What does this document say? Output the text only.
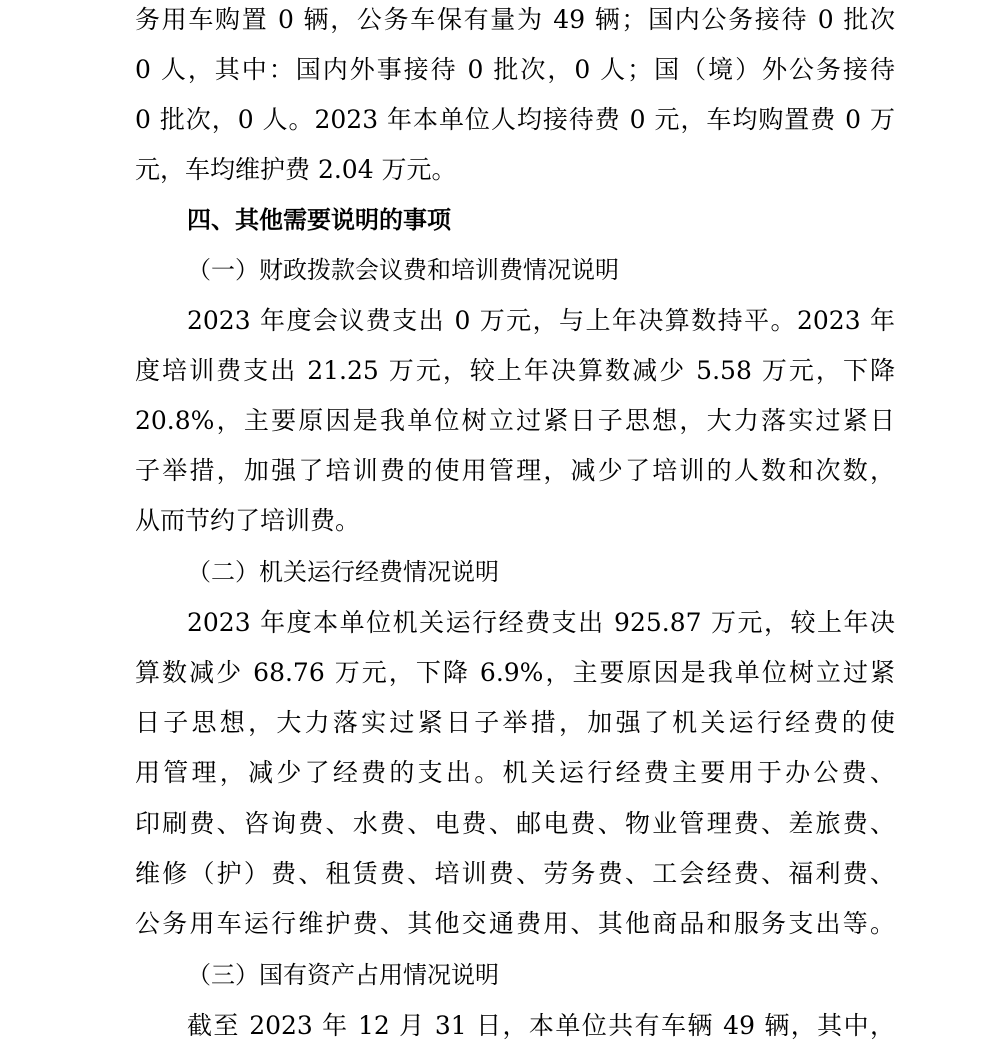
务用车购置 0 辆，公务车保有量为 49 辆；国内公务接待 0 批次
0 人，其中：国内外事接待 0 批次，0 人；国（境）外公务接待
0 批次，0 人。2023 年本单位人均接待费 0 元，车均购置费 0 万
元，车均维护费 2.04 万元。
四、其他需要说明的事项
（一）财政拨款会议费和培训费情况说明
2023 年度会议费支出 0 万元，与上年决算数持平。2023 年
度培训费支出 21.25 万元，较上年决算数减少 5.58 万元，下降
20.8%，主要原因是我单位树立过紧日子思想，大力落实过紧日
子举措，加强了培训费的使用管理，减少了培训的人数和次数，
从而节约了培训费。
（二）机关运行经费情况说明
2023 年度本单位机关运行经费支出 925.87 万元，较上年决
算数减少 68.76 万元，下降 6.9%，主要原因是我单位树立过紧
日子思想，大力落实过紧日子举措，加强了机关运行经费的使
用管理，减少了经费的支出。机关运行经费主要用于办公费、
印刷费、咨询费、水费、电费、邮电费、物业管理费、差旅费、
维修（护）费、租赁费、培训费、劳务费、工会经费、福利费、
公务用车运行维护费、其他交通费用、其他商品和服务支出等。
（三）国有资产占用情况说明
截至 2023 年 12 月 31 日，本单位共有车辆 49 辆，其中，
